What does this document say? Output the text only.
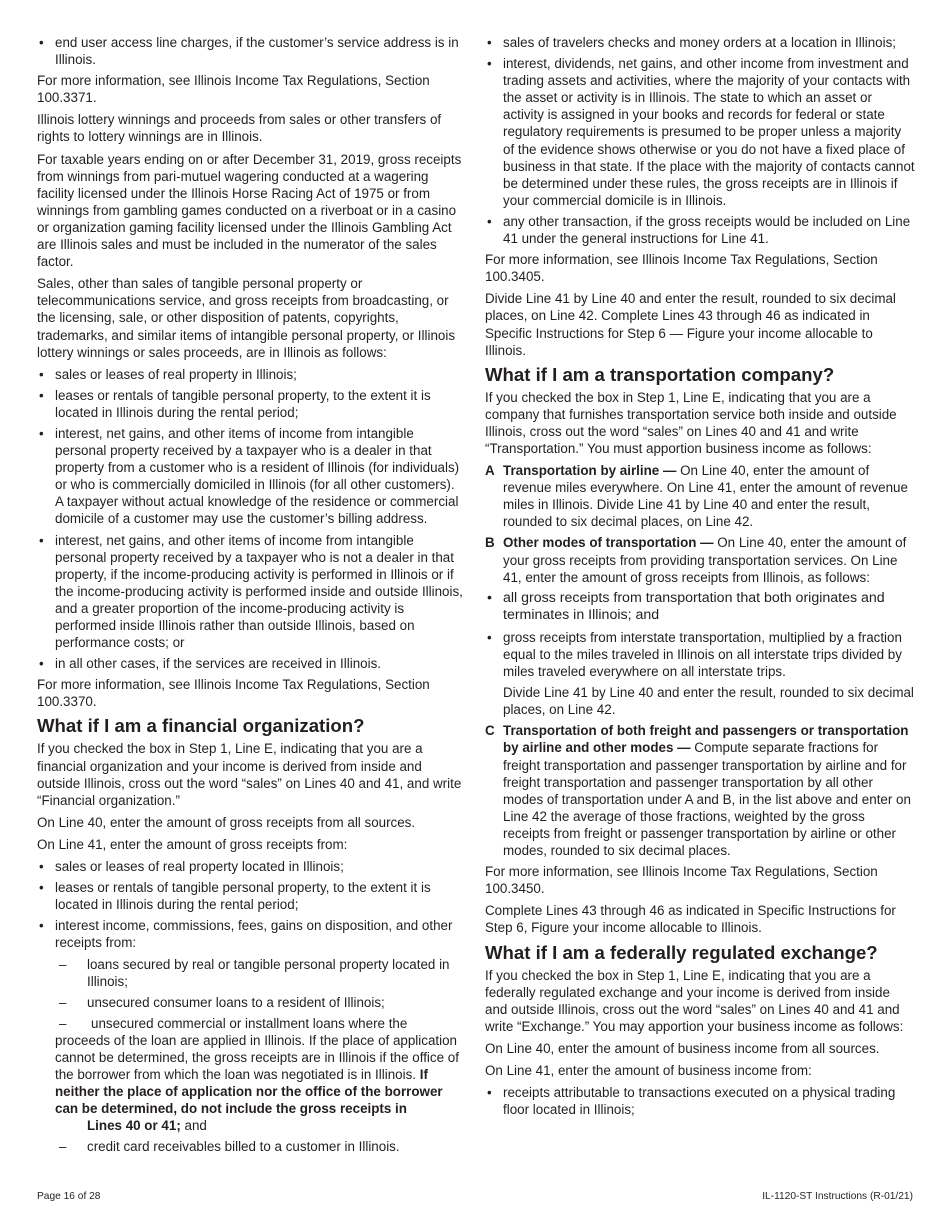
• end user access line charges, if the customer’s service address is in Illinois.

For more information, see Illinois Income Tax Regulations, Section 100.3371.

Illinois lottery winnings and proceeds from sales or other transfers of rights to lottery winnings are in Illinois.

For taxable years ending on or after December 31, 2019, gross receipts from winnings from pari-mutuel wagering conducted at a wagering facility licensed under the Illinois Horse Racing Act of 1975 or from winnings from gambling games conducted on a riverboat or in a casino or organization gaming facility licensed under the Illinois Gambling Act are Illinois sales and must be included in the numerator of the sales factor.

Sales, other than sales of tangible personal property or telecommunications service, and gross receipts from broadcasting, or the licensing, sale, or other disposition of patents, copyrights, trademarks, and similar items of intangible personal property, or Illinois lottery winnings or sales proceeds, are in Illinois as follows:

• sales or leases of real property in Illinois;
• leases or rentals of tangible personal property, to the extent it is located in Illinois during the rental period;
• interest, net gains, and other items of income from intangible personal property received by a taxpayer who is a dealer in that property from a customer who is a resident of Illinois (for individuals) or who is commercially domiciled in Illinois (for all other customers). A taxpayer without actual knowledge of the residence or commercial domicile of a customer may use the customer’s billing address.
• interest, net gains, and other items of income from intangible personal property received by a taxpayer who is not a dealer in that property, if the income-producing activity is performed in Illinois or if the income-producing activity is performed inside and outside Illinois, and a greater proportion of the income-producing activity is performed inside Illinois rather than outside Illinois, based on performance costs; or
• in all other cases, if the services are received in Illinois.

For more information, see Illinois Income Tax Regulations, Section 100.3370.

What if I am a financial organization?

If you checked the box in Step 1, Line E, indicating that you are a financial organization and your income is derived from inside and outside Illinois, cross out the word “sales” on Lines 40 and 41, and write “Financial organization.”

On Line 40, enter the amount of gross receipts from all sources.

On Line 41, enter the amount of gross receipts from:

• sales or leases of real property located in Illinois;
• leases or rentals of tangible personal property, to the extent it is located in Illinois during the rental period;
• interest income, commissions, fees, gains on disposition, and other receipts from:
– loans secured by real or tangible personal property located in Illinois;
– unsecured consumer loans to a resident of Illinois;
– unsecured commercial or installment loans where the proceeds of the loan are applied in Illinois. If the place of application cannot be determined, the gross receipts are in Illinois if the office of the borrower from which the loan was negotiated is in Illinois. If neither the place of application nor the office of the borrower can be determined, do not include the gross receipts in
Lines 40 or 41; and
– credit card receivables billed to a customer in Illinois.
• sales of travelers checks and money orders at a location in Illinois;
• interest, dividends, net gains, and other income from investment and trading assets and activities, where the majority of your contacts with the asset or activity is in Illinois. The state to which an asset or activity is assigned in your books and records for federal or state regulatory requirements is presumed to be proper unless a majority of the evidence shows otherwise or you do not have a fixed place of business in that state. If the place with the majority of contacts cannot be determined under these rules, the gross receipts are in Illinois if your commercial domicile is in Illinois.
• any other transaction, if the gross receipts would be included on Line 41 under the general instructions for Line 41.

For more information, see Illinois Income Tax Regulations, Section 100.3405.

Divide Line 41 by Line 40 and enter the result, rounded to six decimal places, on Line 42. Complete Lines 43 through 46 as indicated in Specific Instructions for Step 6 — Figure your income allocable to Illinois.

What if I am a transportation company?

If you checked the box in Step 1, Line E, indicating that you are a company that furnishes transportation service both inside and outside Illinois, cross out the word “sales” on Lines 40 and 41 and write “Transportation.” You must apportion business income as follows:

A Transportation by airline — On Line 40, enter the amount of revenue miles everywhere. On Line 41, enter the amount of revenue miles in Illinois. Divide Line 41 by Line 40 and enter the result, rounded to six decimal places, on Line 42.
B Other modes of transportation — On Line 40, enter the amount of your gross receipts from providing transportation services. On Line 41, enter the amount of gross receipts from Illinois, as follows:
• all gross receipts from transportation that both originates and terminates in Illinois; and
• gross receipts from interstate transportation, multiplied by a fraction equal to the miles traveled in Illinois on all interstate trips divided by miles traveled everywhere on all interstate trips.

Divide Line 41 by Line 40 and enter the result, rounded to six decimal places, on Line 42.

C Transportation of both freight and passengers or transportation by airline and other modes — Compute separate fractions for freight transportation and passenger transportation by airline and for freight transportation and passenger transportation by all other modes of transportation under A and B, in the list above and enter on Line 42 the average of those fractions, weighted by the gross receipts from freight or passenger transportation by airline or other modes, rounded to six decimal places.

For more information, see Illinois Income Tax Regulations, Section 100.3450.

Complete Lines 43 through 46 as indicated in Specific Instructions for Step 6, Figure your income allocable to Illinois.

What if I am a federally regulated exchange?

If you checked the box in Step 1, Line E, indicating that you are a federally regulated exchange and your income is derived from inside and outside Illinois, cross out the word “sales” on Lines 40 and 41 and write “Exchange.” You may apportion your business income as follows:

On Line 40, enter the amount of business income from all sources.

On Line 41, enter the amount of business income from:

• receipts attributable to transactions executed on a physical trading floor located in Illinois;
Page 16 of 28	IL-1120-ST Instructions (R-01/21)
